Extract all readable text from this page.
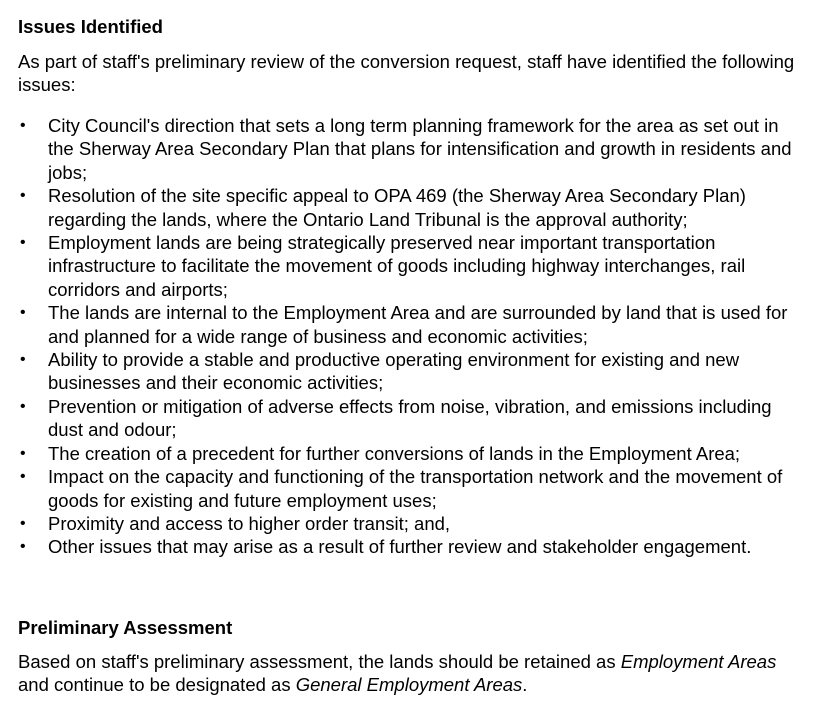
Issues Identified

As part of staff's preliminary review of the conversion request, staff have identified the following issues:

• City Council's direction that sets a long term planning framework for the area as set out in the Sherway Area Secondary Plan that plans for intensification and growth in residents and jobs;
• Resolution of the site specific appeal to OPA 469 (the Sherway Area Secondary Plan) regarding the lands, where the Ontario Land Tribunal is the approval authority;
• Employment lands are being strategically preserved near important transportation infrastructure to facilitate the movement of goods including highway interchanges, rail corridors and airports;
• The lands are internal to the Employment Area and are surrounded by land that is used for and planned for a wide range of business and economic activities;
• Ability to provide a stable and productive operating environment for existing and new businesses and their economic activities;
• Prevention or mitigation of adverse effects from noise, vibration, and emissions including dust and odour;
• The creation of a precedent for further conversions of lands in the Employment Area;
• Impact on the capacity and functioning of the transportation network and the movement of goods for existing and future employment uses;
• Proximity and access to higher order transit; and,
• Other issues that may arise as a result of further review and stakeholder engagement.
Preliminary Assessment

Based on staff's preliminary assessment, the lands should be retained as Employment Areas and continue to be designated as General Employment Areas.
